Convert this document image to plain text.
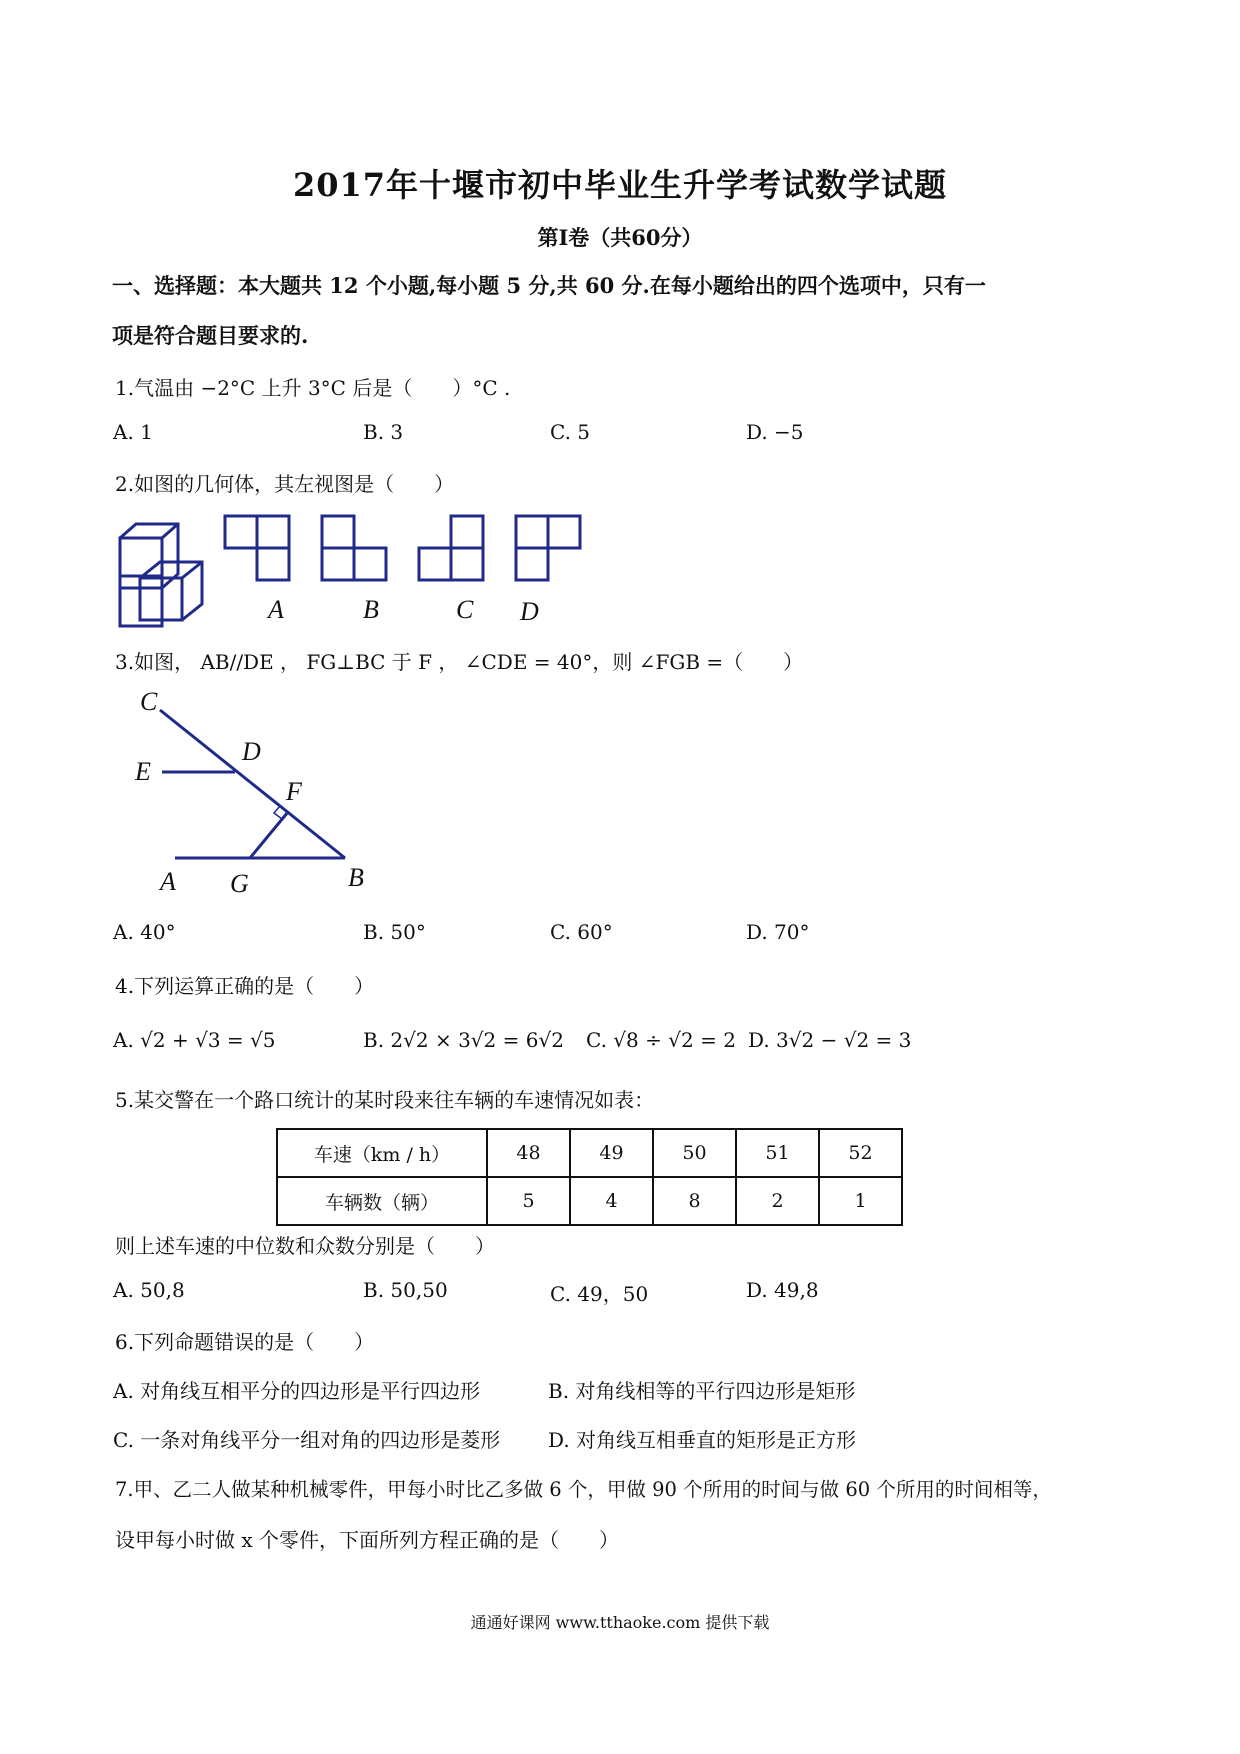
2017年十堰市初中毕业生升学考试数学试题
第Ⅰ卷（共60分）
一、选择题：本大题共 12 个小题,每小题 5 分,共 60 分.在每小题给出的四个选项中，只有一
项是符合题目要求的.
1.气温由 −2°C 上升 3°C 后是（　　）°C .
A. 1	B. 3	C. 5	D. −5
2.如图的几何体，其左视图是（　　）
A	B	C D
3.如图， AB//DE ， FG⊥BC 于 F ， ∠CDE = 40°，则 ∠FGB =（　　）
C
D
E
F
A G	B
A. 40°	B. 50°	C. 60°	D. 70°
4.下列运算正确的是（　　）
A. √2 + √3 = √5	B. 2√2 × 3√2 = 6√2 C. √8 ÷ √2 = 2 D. 3√2 − √2 = 3
5.某交警在一个路口统计的某时段来往车辆的车速情况如表：
车速（km / h）	48	49	50	51	52
车辆数（辆）	5	4	8	2	1
则上述车速的中位数和众数分别是（　　）
A. 50,8	B. 50,50	C. 49，50	D. 49,8
6.下列命题错误的是（　　）
A. 对角线互相平分的四边形是平行四边形	B. 对角线相等的平行四边形是矩形
C. 一条对角线平分一组对角的四边形是菱形 D. 对角线互相垂直的矩形是正方形
7.甲、乙二人做某种机械零件，甲每小时比乙多做 6 个，甲做 90 个所用的时间与做 60 个所用的时间相等，
设甲每小时做 x 个零件，下面所列方程正确的是（　　）
通通好课网 www.tthaoke.com 提供下载
